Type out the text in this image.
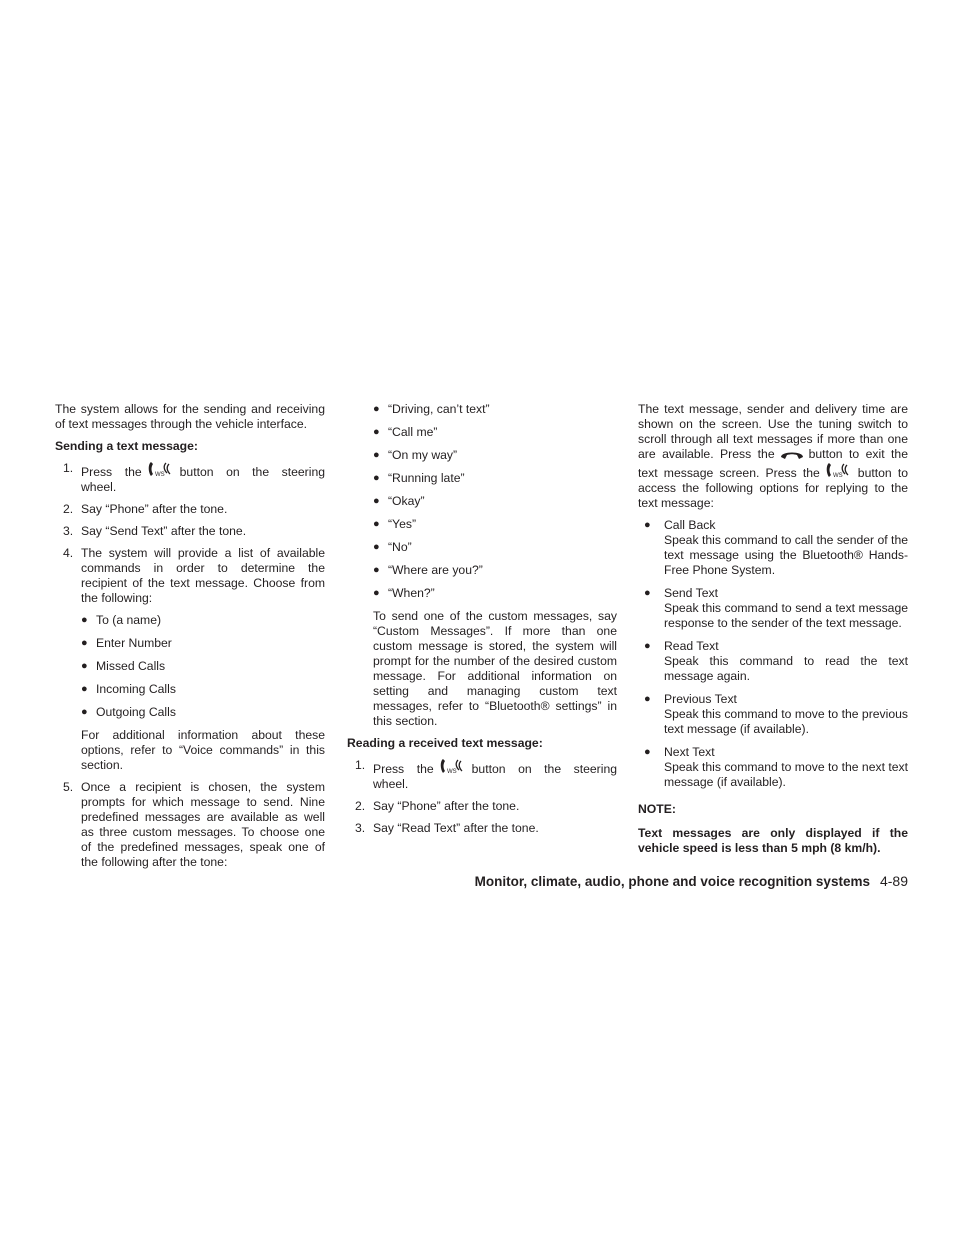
The system allows for the sending and receiving of text messages through the vehicle interface.

Sending a text message:

1. Press the WS button on the steering wheel.
2. Say “Phone” after the tone.
3. Say “Send Text” after the tone.
4. The system will provide a list of available commands in order to determine the recipient of the text message. Choose from the following:
● To (a name)
● Enter Number
● Missed Calls
● Incoming Calls
● Outgoing Calls

For additional information about these options, refer to “Voice commands” in this section.

5. Once a recipient is chosen, the system prompts for which message to send. Nine predefined messages are available as well as three custom messages. To choose one of the predefined messages, speak one of the following after the tone:
● “Driving, can’t text”
● “Call me”
● “On my way”
● “Running late”
● “Okay”
● “Yes”
● “No”
● “Where are you?”
● “When?”

To send one of the custom messages, say “Custom Messages”. If more than one custom message is stored, the system will prompt for the number of the desired custom message. For additional information on setting and managing custom text messages, refer to “Bluetooth® settings” in this section.

Reading a received text message:

1. Press the WS button on the steering wheel.
2. Say “Phone” after the tone.
3. Say “Read Text” after the tone.

The text message, sender and delivery time are shown on the screen. Use the tuning switch to scroll through all text messages if more than one are available. Press the	button to exit the text message screen. Press the WS button to access the following options for replying to the text message:

● Call Back
Speak this command to call the sender of the text message using the Bluetooth® Hands-Free Phone System.
● Send Text
Speak this command to send a text message response to the sender of the text message.
● Read Text
Speak this command to read the text message again.
● Previous Text
Speak this command to move to the previous text message (if available).
● Next Text
Speak this command to move to the next text message (if available).

NOTE:

Text messages are only displayed if the vehicle speed is less than 5 mph (8 km/h).

Monitor, climate, audio, phone and voice recognition systems 4-89
